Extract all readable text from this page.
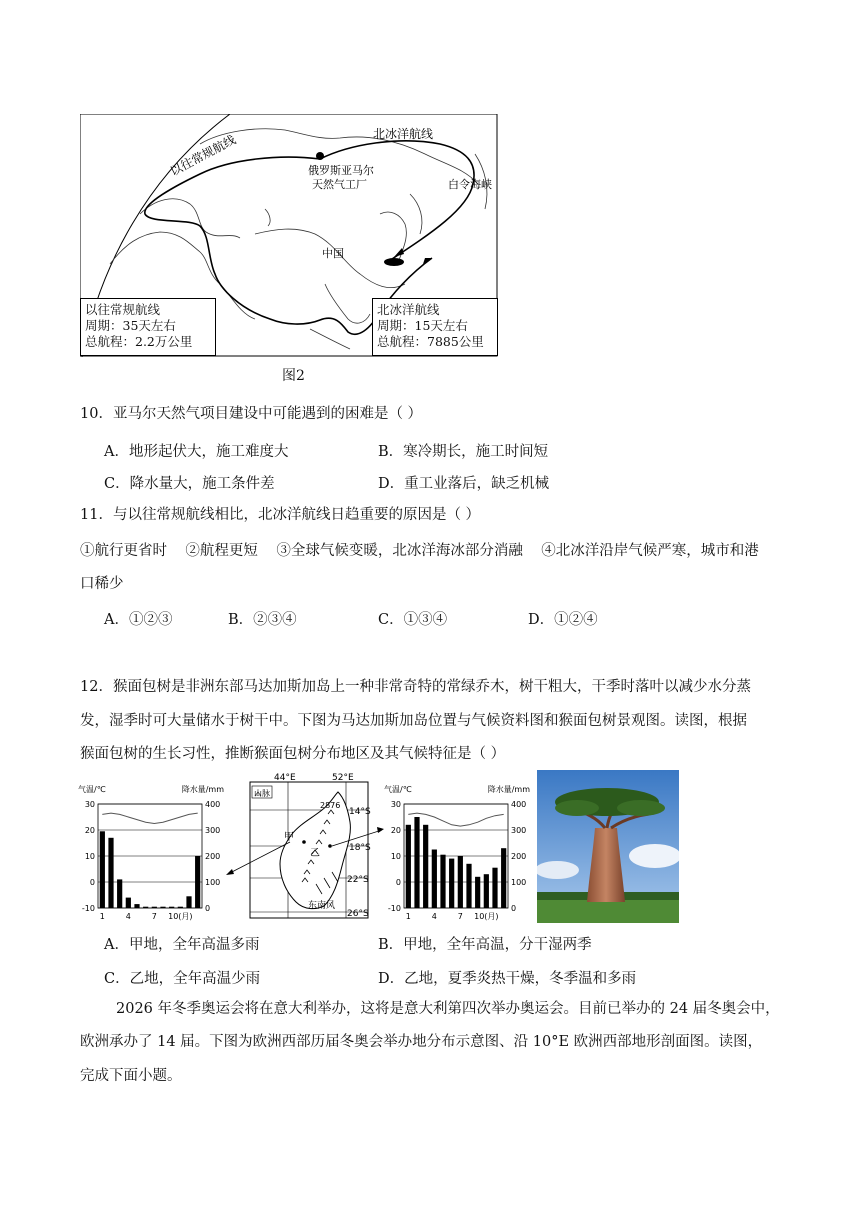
以往常规航线	北冰洋航线
俄罗斯亚马尔
天然气工厂	白令海峡
中国
以往常规航线
周期：35天左右
总航程：2.2万公里
北冰洋航线
周期：15天左右
总航程：7885公里
图2
10．亚马尔天然气项目建设中可能遇到的困难是（ ）
A．地形起伏大，施工难度大	B．寒冷期长，施工时间短
C．降水量大，施工条件差	D．重工业落后，缺乏机械
11．与以往常规航线相比，北冰洋航线日趋重要的原因是（ ）
①航行更省时    ②航程更短    ③全球气候变暖，北冰洋海冰部分消融    ④北冰洋沿岸气候严寒，城市和港
口稀少
A．①②③	B．②③④	C．①③④	D．①②④
12．猴面包树是非洲东部马达加斯加岛上一种非常奇特的常绿乔木，树干粗大，干季时落叶以减少水分蒸
发，湿季时可大量储水于树干中。下图为马达加斯加岛位置与气候资料图和猴面包树景观图。读图，根据
猴面包树的生长习性，推断猴面包树分布地区及其气候特征是（ ）
30	400
20	300
10	200
0	100
-10	0
气温/℃	降水量/mm
1	4	7 10(月)
30	400
20	300
10	200
0	100
-10	0
气温/℃	降水量/mm
1	4	7 10(月)
山脉
44°E	52°E
14°S
18°S
22°S
26°S
2876
甲
乙
东南风
A．甲地，全年高温多雨	B．甲地，全年高温，分干湿两季
C．乙地，全年高温少雨	D．乙地，夏季炎热干燥，冬季温和多雨
2026 年冬季奥运会将在意大利举办，这将是意大利第四次举办奥运会。目前已举办的 24 届冬奥会中，
欧洲承办了 14 届。下图为欧洲西部历届冬奥会举办地分布示意图、沿 10°E 欧洲西部地形剖面图。读图，
完成下面小题。
